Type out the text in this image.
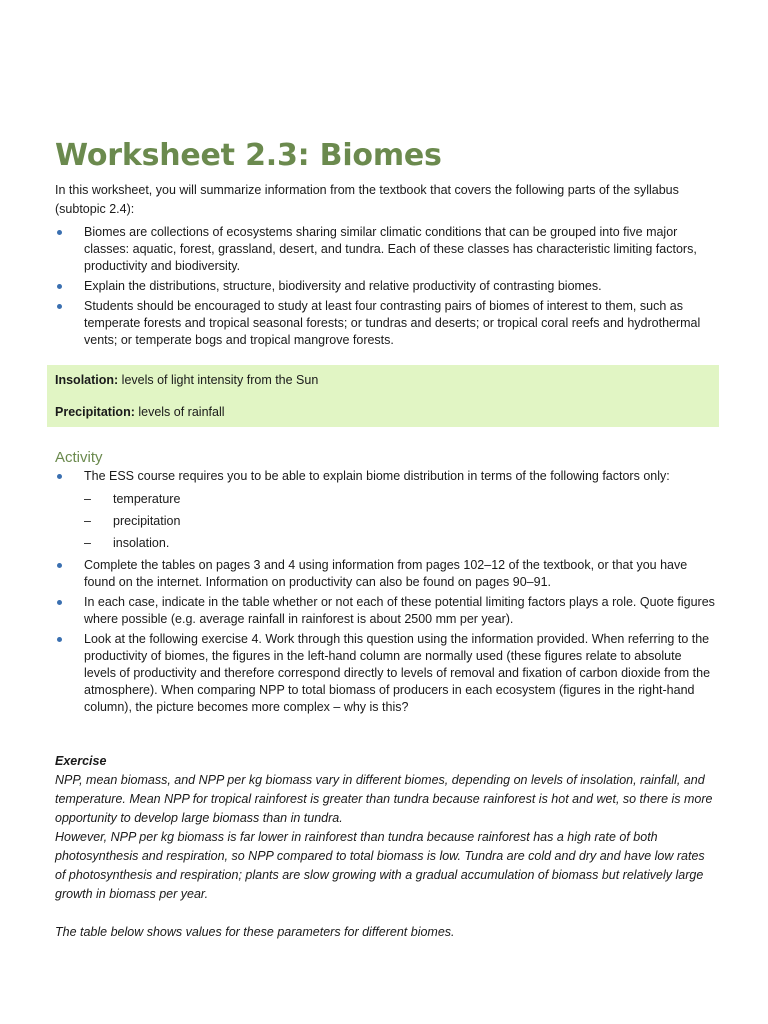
Worksheet 2.3: Biomes

In this worksheet, you will summarize information from the textbook that covers the following parts of the syllabus (subtopic 2.4):

Biomes are collections of ecosystems sharing similar climatic conditions that can be grouped into five major classes: aquatic, forest, grassland, desert, and tundra. Each of these classes has characteristic limiting factors, productivity and biodiversity.
Explain the distributions, structure, biodiversity and relative productivity of contrasting biomes.
Students should be encouraged to study at least four contrasting pairs of biomes of interest to them, such as temperate forests and tropical seasonal forests; or tundras and deserts; or tropical coral reefs and hydrothermal vents; or temperate bogs and tropical mangrove forests.

Insolation: levels of light intensity from the Sun

Precipitation: levels of rainfall

Activity
The ESS course requires you to be able to explain biome distribution in terms of the following factors only:
– temperature
– precipitation
– insolation.
Complete the tables on pages 3 and 4 using information from pages 102–12 of the textbook, or that you have found on the internet. Information on productivity can also be found on pages 90–91.
In each case, indicate in the table whether or not each of these potential limiting factors plays a role. Quote figures where possible (e.g. average rainfall in rainforest is about 2500 mm per year).
Look at the following exercise 4. Work through this question using the information provided. When referring to the productivity of biomes, the figures in the left-hand column are normally used (these figures relate to absolute levels of productivity and therefore correspond directly to levels of removal and fixation of carbon dioxide from the atmosphere). When comparing NPP to total biomass of producers in each ecosystem (figures in the right-hand column), the picture becomes more complex – why is this?

Exercise

NPP, mean biomass, and NPP per kg biomass vary in different biomes, depending on levels of insolation, rainfall, and temperature. Mean NPP for tropical rainforest is greater than tundra because rainforest is hot and wet, so there is more opportunity to develop large biomass than in tundra.

However, NPP per kg biomass is far lower in rainforest than tundra because rainforest has a high rate of both photosynthesis and respiration, so NPP compared to total biomass is low. Tundra are cold and dry and have low rates of photosynthesis and respiration; plants are slow growing with a gradual accumulation of biomass but relatively large growth in biomass per year.

The table below shows values for these parameters for different biomes.
